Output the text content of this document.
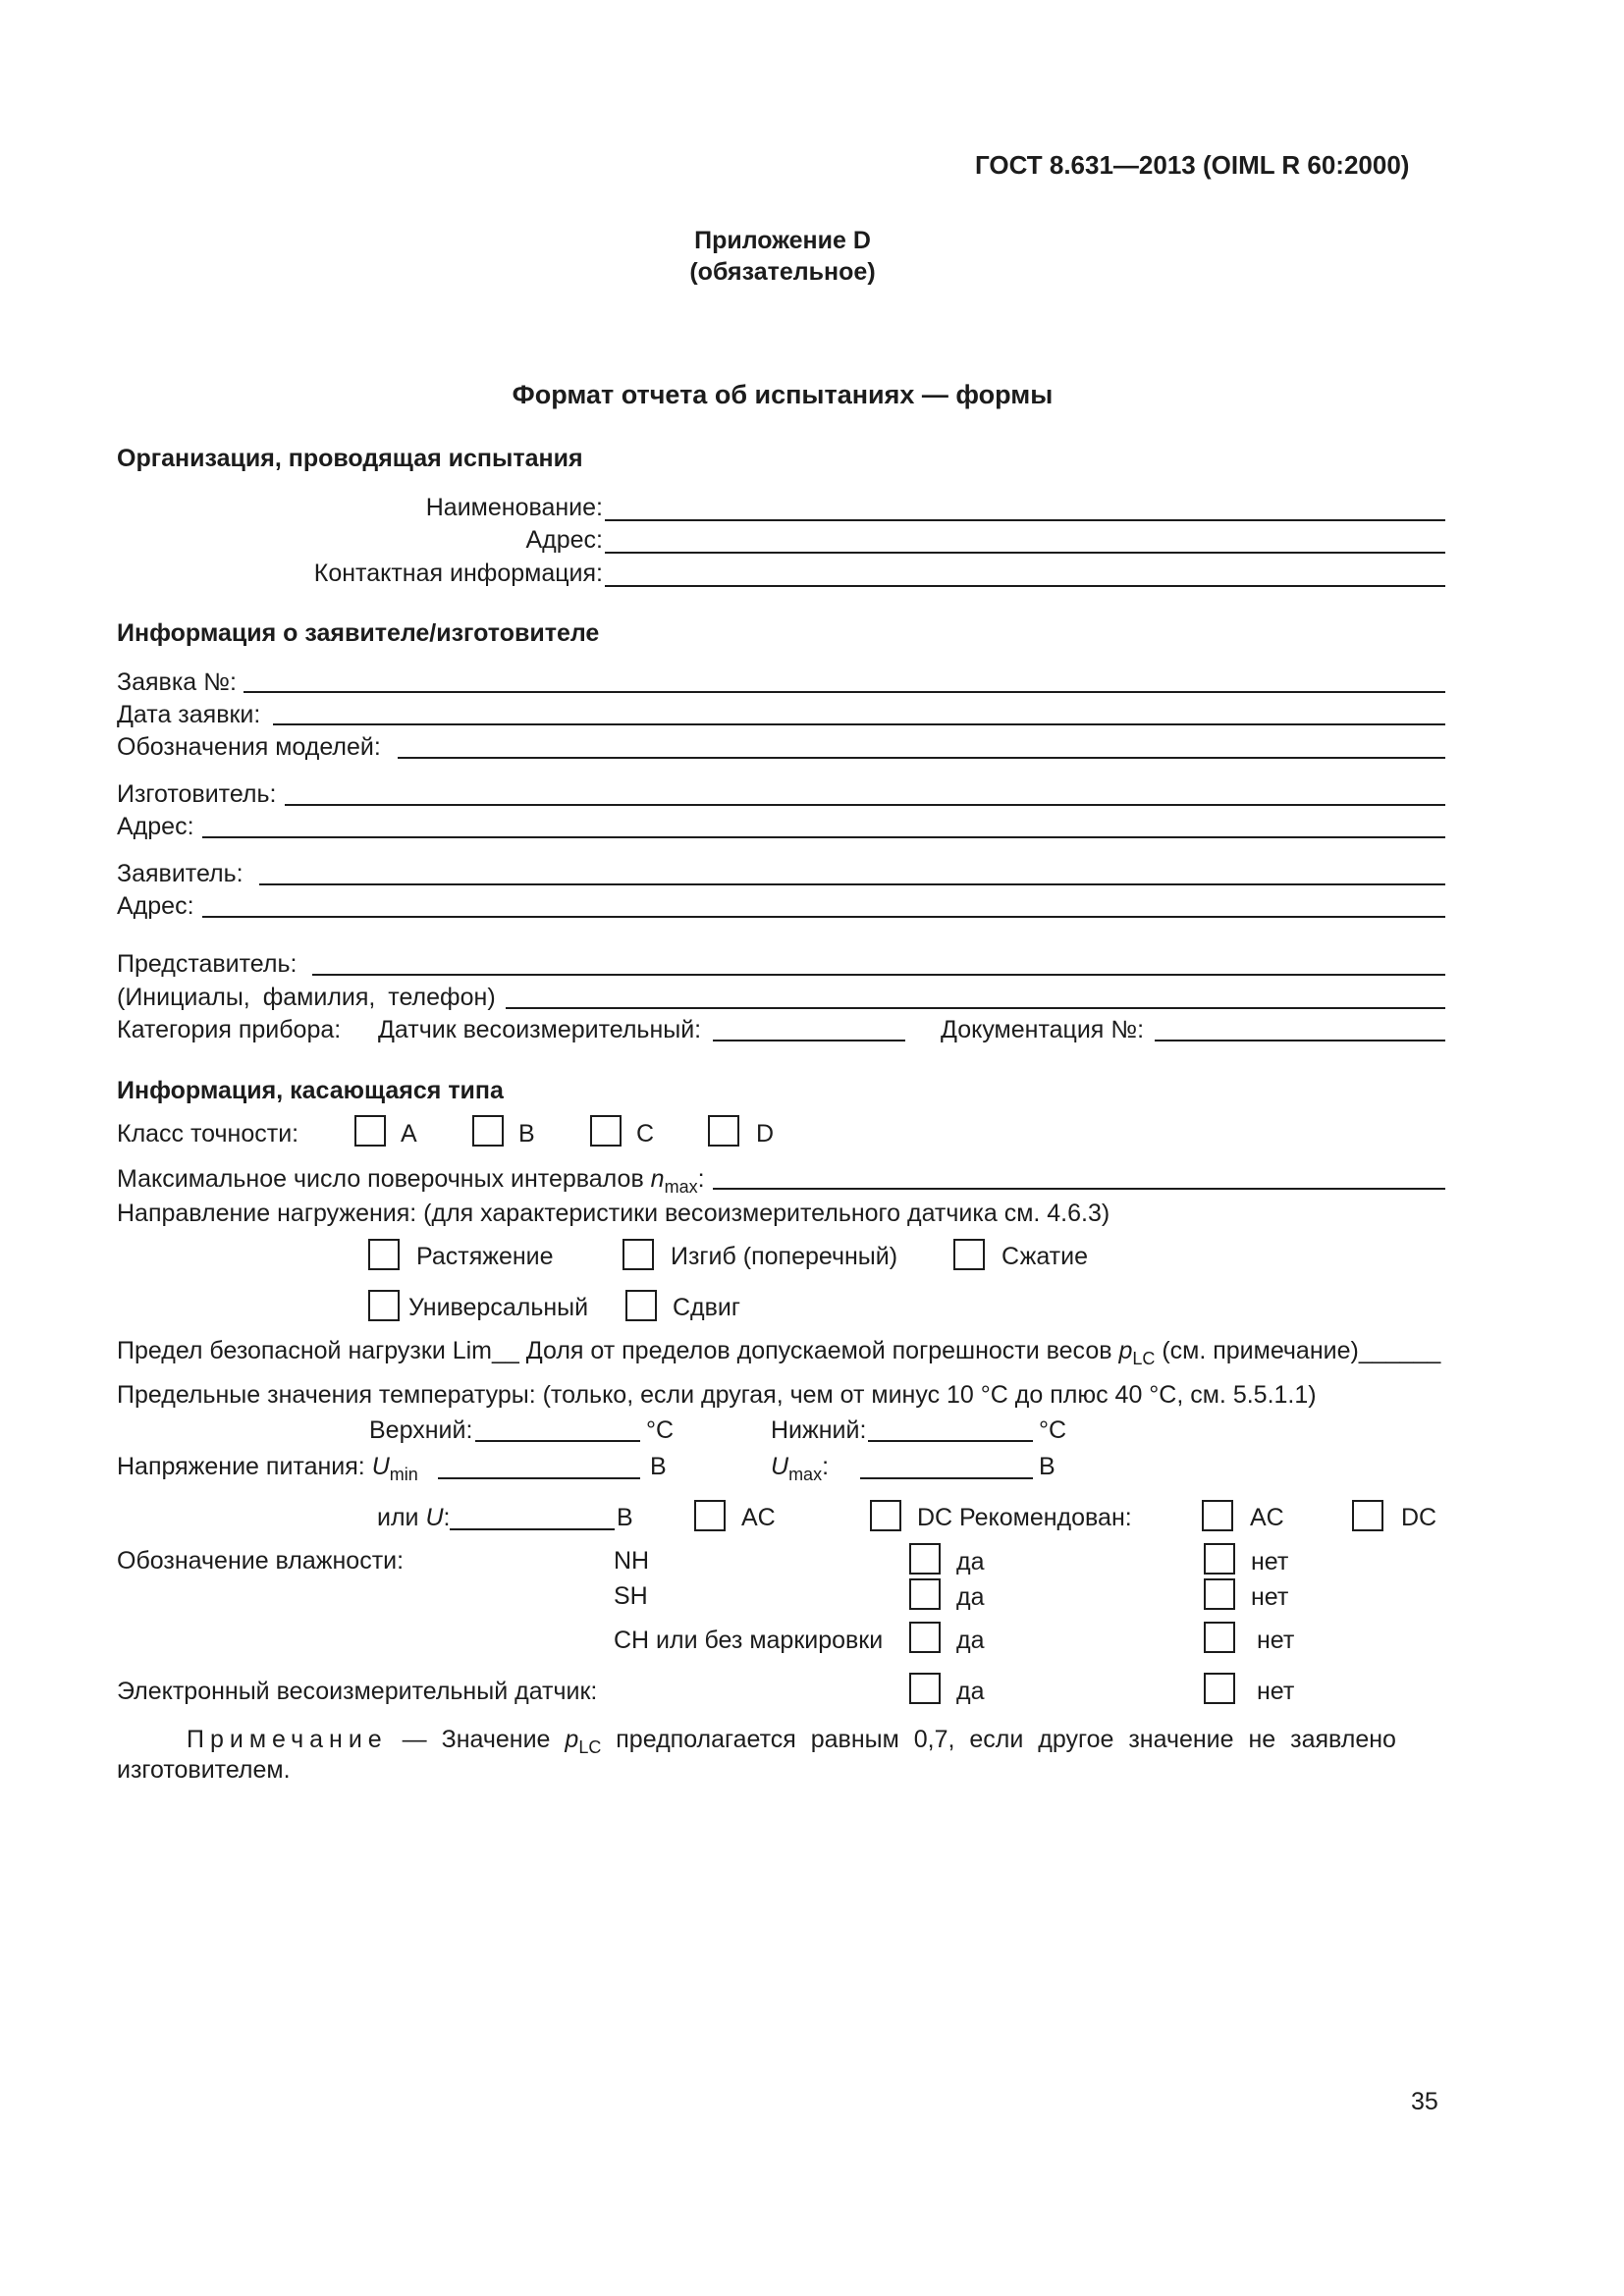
ГОСТ 8.631—2013 (OIML R 60:2000)
Приложение D
(обязательное)
Формат отчета об испытаниях — формы
Организация, проводящая испытания
Наименование:
Адрес:
Контактная информация:
Информация о заявителе/изготовителе
Заявка №:
Дата заявки:
Обозначения моделей:
Изготовитель:
Адрес:
Заявитель:
Адрес:
Представитель:
(Инициалы, фамилия, телефон)
Категория прибора: Датчик весоизмерительный:	Документация №:
Информация, касающаяся типа
Класс точности:	A	B	C	D
Максимальное число поверочных интервалов $n_{max}$:
Направление нагружения: (для характеристики весоизмерительного датчика см. 4.6.3)
Растяжение	Изгиб (поперечный)	Сжатие
Универсальный	Сдвиг
Предел безопасной нагрузки Lim__ Доля от пределов допускаемой погрешности весов $p_{LC}$ (см. примечание)______
Предельные значения температуры: (только, если другая, чем от минус 10 °С до плюс 40 °С, см. 5.5.1.1)
Верхний:	°С	Нижний:	°С
Напряжение питания: $U_{min}$	В	$U_{max}$:	В
или U:	В	AC	DC Рекомендован:	AC	DC
Обозначение влажности:	NH	да	нет
SH	да	нет
CH или без маркировки	да	нет
Электронный весоизмерительный датчик:	да	нет
Примечание — Значение $p_{LC}$ предполагается равным 0,7, если другое значение не заявлено
изготовителем.
35
